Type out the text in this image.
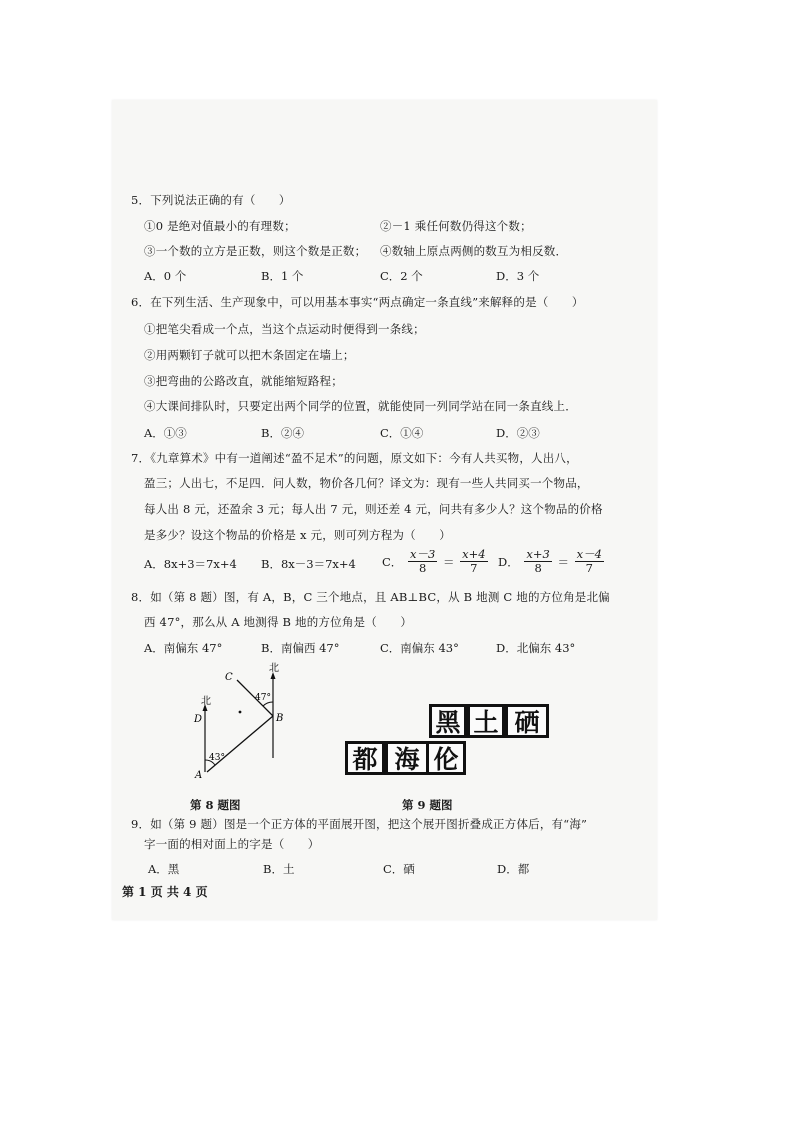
5．下列说法正确的有（　　）
①0 是绝对值最小的有理数；	②－1 乘任何数仍得这个数；
③一个数的立方是正数，则这个数是正数； ④数轴上原点两侧的数互为相反数．
A．0 个	B．1 个	C．2 个	D．3 个
6．在下列生活、生产现象中，可以用基本事实“两点确定一条直线”来解释的是（　　）
①把笔尖看成一个点，当这个点运动时便得到一条线；
②用两颗钉子就可以把木条固定在墙上；
③把弯曲的公路改直，就能缩短路程；
④大课间排队时，只要定出两个同学的位置，就能使同一列同学站在同一条直线上．
A．①③	B．②④	C．①④	D．②③
7．《九章算术》中有一道阐述“盈不足术”的问题，原文如下：今有人共买物，人出八，
盈三；人出七，不足四．问人数，物价各几何？译文为：现有一些人共同买一个物品，
每人出 8 元，还盈余 3 元；每人出 7 元，则还差 4 元，问共有多少人？这个物品的价格
是多少？设这个物品的价格是 x 元，则可列方程为（　　）
A．8x+3＝7x+4 B．8x－3＝7x+4 C． $\frac{x-3}{8} = \frac{x+4}{7}$ D． $\frac{x+3}{8} = \frac{x-4}{7}$
8．如（第 8 题）图，有 A，B，C 三个地点，且 AB⊥BC，从 B 地测 C 地的方位角是北偏
西 47°，那么从 A 地测得 B 地的方位角是（　　）
A．南偏东 47°	B．南偏西 47°	C．南偏东 43°	D．北偏东 43°
北
北
C
B
D
A
47°
43°
第 8 题图
黑 土 硒
都 海 伦
第 9 题图
9．如（第 9 题）图是一个正方体的平面展开图，把这个展开图折叠成正方体后，有“海”
字一面的相对面上的字是（　　）
A．黑	B．土	C．硒	D．都
第 1 页 共 4 页
